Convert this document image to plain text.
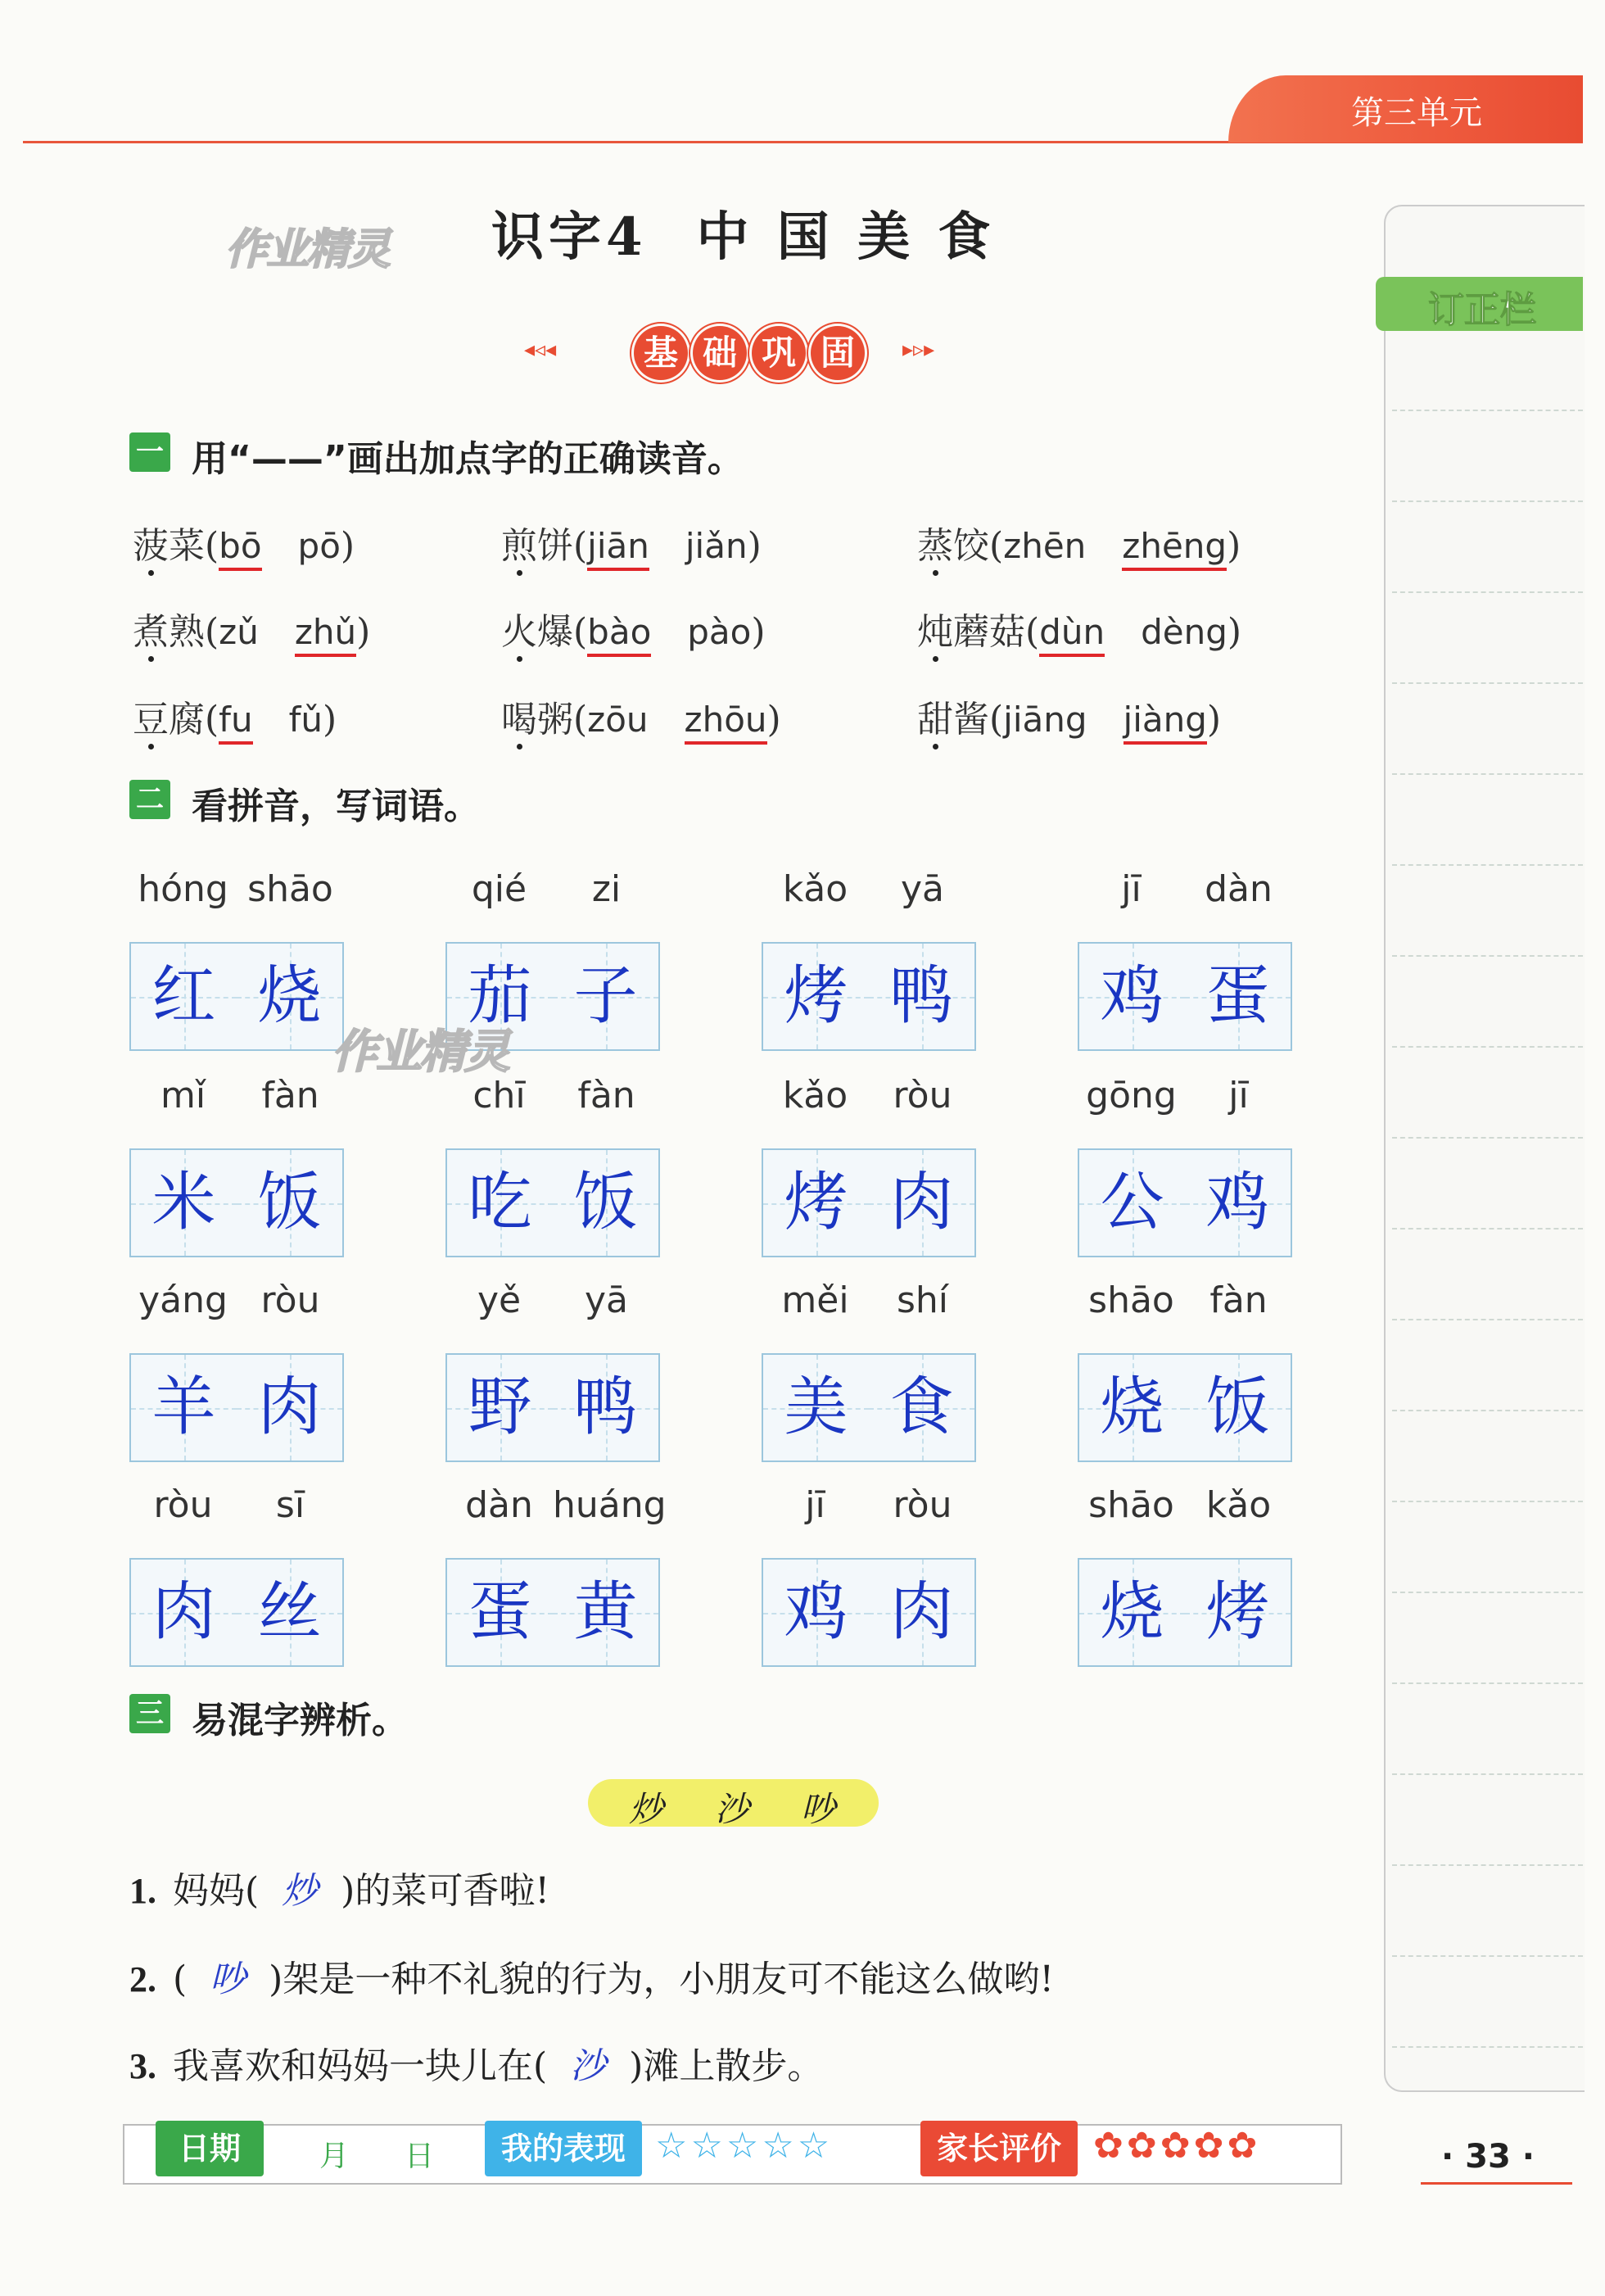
第三单元
订正栏
作业精灵 识字4 中 国 美 食
◂◃◂	基 础 巩 固	▸▹▸
一 用“——”画出加点字的正确读音。
菠菜(bō pō)	煎饼(jiān jiǎn)	蒸饺(zhēn zhēng)
煮熟(zǔ zhǔ)	火爆(bào pào)	炖蘑菇(dùn dèng)
豆腐(fu fǔ)	喝粥(zōu zhōu)	甜酱(jiāng jiàng)
二 看拼音，写词语。
hóng shāo
红 烧
qié	zi
茄 子
kǎo	yā
烤 鸭
jī	dàn
鸡 蛋
mǐ	fàn
米 饭
chī	fàn
吃 饭
kǎo	ròu
烤 肉
gōng	jī
公 鸡
yáng ròu
羊 肉
yě	yā
野 鸭
měi	shí
美 食
shāo fàn
烧 饭
ròu	sī
肉 丝
dàn huáng
蛋 黄
jī	ròu
鸡 肉
shāo kǎo
烧 烤
作业精灵
三 易混字辨析。
炒 沙 吵
1. 妈妈( 炒 )的菜可香啦!
2. ( 吵 )架是一种不礼貌的行为，小朋友可不能这么做哟!
3. 我喜欢和妈妈一块儿在( 沙 )滩上散步。
日期	月 日	我的表现 ☆☆☆☆☆	家长评价 ✿✿✿✿✿	· 33 ·
